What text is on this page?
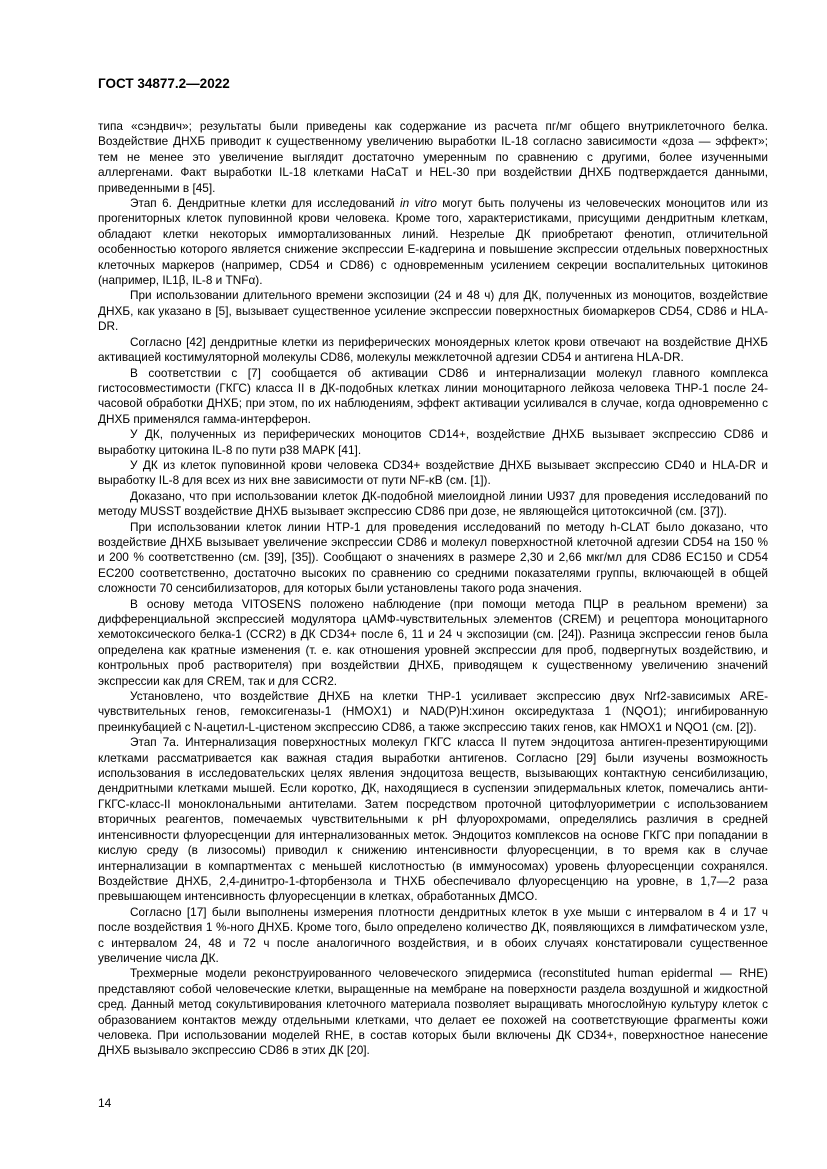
ГОСТ 34877.2—2022

типа «сэндвич»; результаты были приведены как содержание из расчета пг/мг общего внутриклеточного белка. Воздействие ДНХБ приводит к существенному увеличению выработки IL-18 согласно зависимости «доза — эффект»; тем не менее это увеличение выглядит достаточно умеренным по сравнению с другими, более изученными аллергенами. Факт выработки IL-18 клетками НаСаТ и HEL-30 при воздействии ДНХБ подтверждается данными, приведенными в [45].

Этап 6. Дендритные клетки для исследований in vitro могут быть получены из человеческих моноцитов или из прогениторных клеток пуповинной крови человека. Кроме того, характеристиками, присущими дендритным клеткам, обладают клетки некоторых иммортализованных линий. Незрелые ДК приобретают фенотип, отличительной особенностью которого является снижение экспрессии Е-кадгерина и повышение экспрессии отдельных поверхностных клеточных маркеров (например, CD54 и CD86) с одновременным усилением секреции воспалительных цитокинов (например, IL1β, IL-8 и TNFα).

При использовании длительного времени экспозиции (24 и 48 ч) для ДК, полученных из моноцитов, воздействие ДНХБ, как указано в [5], вызывает существенное усиление экспрессии поверхностных биомаркеров CD54, CD86 и HLA- DR.

Согласно [42] дендритные клетки из периферических моноядерных клеток крови отвечают на воздействие ДНХБ активацией костимуляторной молекулы CD86, молекулы межклеточной адгезии CD54 и антигена HLA-DR.

В соответствии с [7] сообщается об активации CD86 и интернализации молекул главного комплекса гистосовместимости (ГКГС) класса II в ДК-подобных клетках линии моноцитарного лейкоза человека THP-1 после 24-часовой обработки ДНХБ; при этом, по их наблюдениям, эффект активации усиливался в случае, когда одновременно с ДНХБ применялся гамма-интерферон.

У ДК, полученных из периферических моноцитов CD14+, воздействие ДНХБ вызывает экспрессию CD86 и выработку цитокина IL-8 по пути p38 МАРК [41].

У ДК из клеток пуповинной крови человека CD34+ воздействие ДНХБ вызывает экспрессию CD40 и HLA-DR и выработку IL-8 для всех из них вне зависимости от пути NF-κB (см. [1]).

Доказано, что при использовании клеток ДК-подобной миелоидной линии U937 для проведения исследований по методу MUSST воздействие ДНХБ вызывает экспрессию CD86 при дозе, не являющейся цитотоксичной (см. [37]).

При использовании клеток линии HTP-1 для проведения исследований по методу h-CLAT было доказано, что воздействие ДНХБ вызывает увеличение экспрессии CD86 и молекул поверхностной клеточной адгезии CD54 на 150 % и 200 % соответственно (см. [39], [35]). Сообщают о значениях в размере 2,30 и 2,66 мкг/мл для CD86 EC150 и CD54 EC200 соответственно, достаточно высоких по сравнению со средними показателями группы, включающей в общей сложности 70 сенсибилизаторов, для которых были установлены такого рода значения.

В основу метода VITOSENS положено наблюдение (при помощи метода ПЦР в реальном времени) за дифференциальной экспрессией модулятора цАМФ-чувствительных элементов (CREM) и рецептора моноцитарного хемотоксического белка-1 (CCR2) в ДК CD34+ после 6, 11 и 24 ч экспозиции (см. [24]). Разница экспрессии генов была определена как кратные изменения (т. е. как отношения уровней экспрессии для проб, подвергнутых воздействию, и контрольных проб растворителя) при воздействии ДНХБ, приводящем к существенному увеличению значений экспрессии как для CREM, так и для CCR2.

Установлено, что воздействие ДНХБ на клетки THP-1 усиливает экспрессию двух Nrf2-зависимых ARE-чувствительных генов, гемоксигеназы-1 (HMOX1) и NAD(P)H:хинон оксиредуктаза 1 (NQO1); ингибированную преинкубацией с N-ацетил-L-цистеном экспрессию CD86, а также экспрессию таких генов, как HMOX1 и NQO1 (см. [2]).

Этап 7а. Интернализация поверхностных молекул ГКГС класса II путем эндоцитоза антиген-презентирующими клетками рассматривается как важная стадия выработки антигенов. Согласно [29] были изучены возможность использования в исследовательских целях явления эндоцитоза веществ, вызывающих контактную сенсибилизацию, дендритными клетками мышей. Если коротко, ДК, находящиеся в суспензии эпидермальных клеток, помечались анти-ГКГС-класс-II моноклональными антителами. Затем посредством проточной цитофлуориметрии с использованием вторичных реагентов, помечаемых чувствительными к pH флуорохромами, определялись различия в средней интенсивности флуоресценции для интернализованных меток. Эндоцитоз комплексов на основе ГКГС при попадании в кислую среду (в лизосомы) приводил к снижению интенсивности флуоресценции, в то время как в случае интернализации в компартментах с меньшей кислотностью (в иммуносомах) уровень флуоресценции сохранялся. Воздействие ДНХБ, 2,4-динитро-1-фторбензола и ТНХБ обеспечивало флуоресценцию на уровне, в 1,7—2 раза превышающем интенсивность флуоресценции в клетках, обработанных ДМСО.

Согласно [17] были выполнены измерения плотности дендритных клеток в ухе мыши с интервалом в 4 и 17 ч после воздействия 1 %-ного ДНХБ. Кроме того, было определено количество ДК, появляющихся в лимфатическом узле, с интервалом 24, 48 и 72 ч после аналогичного воздействия, и в обоих случаях констатировали существенное увеличение числа ДК.

Трехмерные модели реконструированного человеческого эпидермиса (reconstituted human epidermal — RHE) представляют собой человеческие клетки, выращенные на мембране на поверхности раздела воздушной и жидкостной сред. Данный метод сокультивирования клеточного материала позволяет выращивать многослойную культуру клеток с образованием контактов между отдельными клетками, что делает ее похожей на соответствующие фрагменты кожи человека. При использовании моделей RHE, в состав которых были включены ДК CD34+, поверхностное нанесение ДНХБ вызывало экспрессию CD86 в этих ДК [20].

14
